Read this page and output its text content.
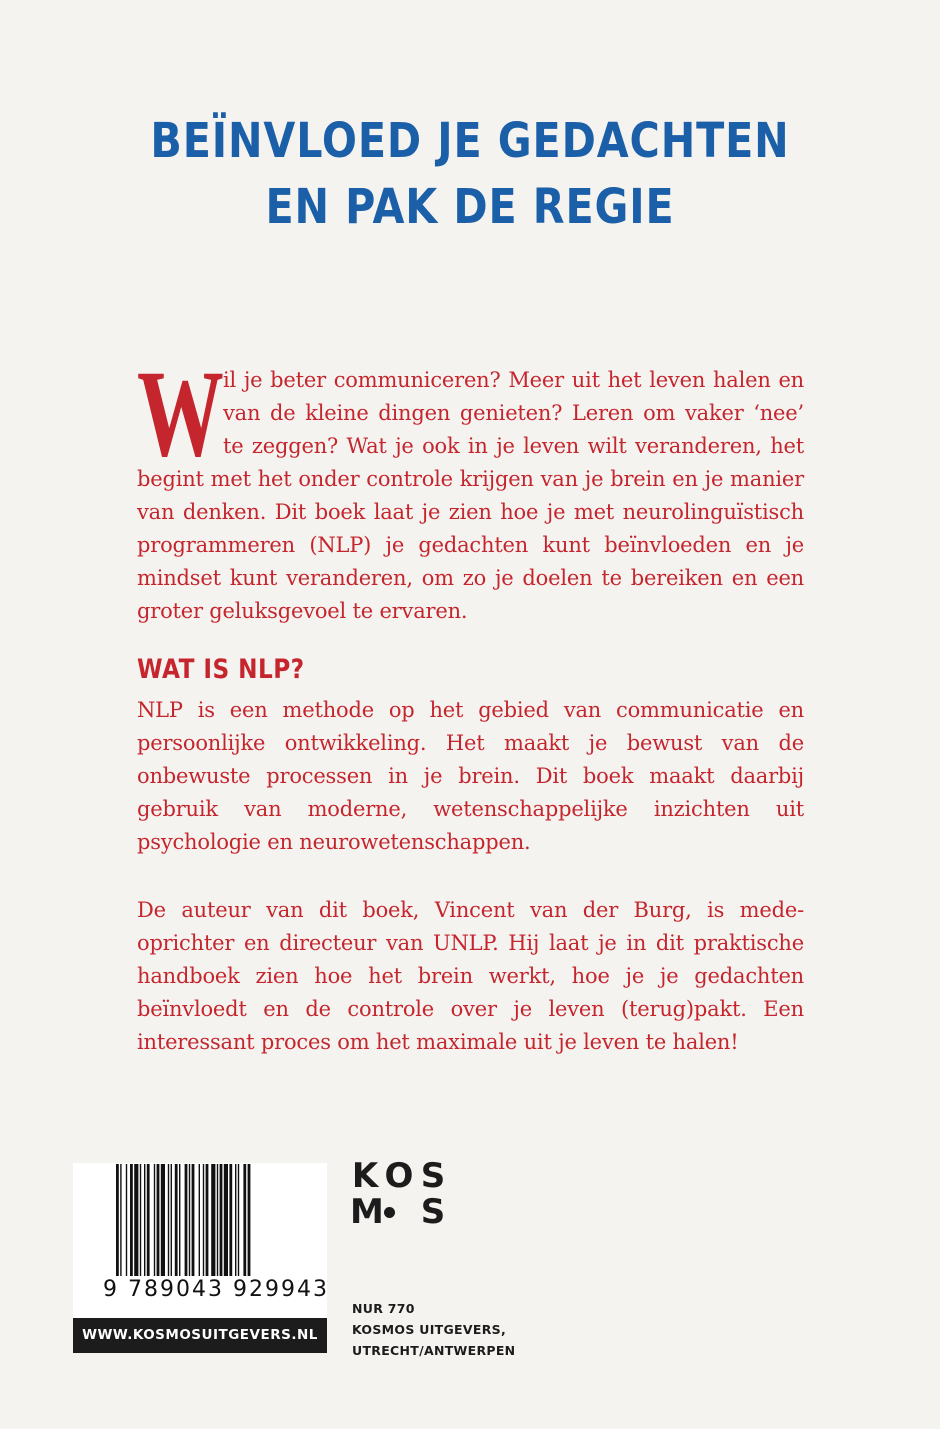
BEÏNVLOED JE GEDACHTEN
EN PAK DE REGIE
Wil je beter communiceren? Meer uit het leven halen en van de kleine dingen genieten? Leren om vaker ‘nee’ te zeggen? Wat je ook in je leven wilt veranderen, het begint met het onder controle krijgen van je brein en je manier van denken. Dit boek laat je zien hoe je met neurolinguïstisch programmeren (NLP) je gedachten kunt beïnvloeden en je mindset kunt veranderen, om zo je doelen te bereiken en een groter geluksgevoel te ervaren.
WAT IS NLP?
NLP is een methode op het gebied van communicatie en persoonlijke ontwikkeling. Het maakt je bewust van de onbewuste processen in je brein. Dit boek maakt daarbij gebruik van moderne, wetenschappelijke inzichten uit psychologie en neurowetenschappen.
De auteur van dit boek, Vincent van der Burg, is mede-oprichter en directeur van UNLP. Hij laat je in dit praktische handboek zien hoe het brein werkt, hoe je je gedachten beïnvloedt en de controle over je leven (terug)pakt. Een interessant proces om het maximale uit je leven te halen!
9 789043 929943
WWW.KOSMOSUITGEVERS.NL
K O S
M S
NUR 770
KOSMOS UITGEVERS,
UTRECHT/ANTWERPEN
